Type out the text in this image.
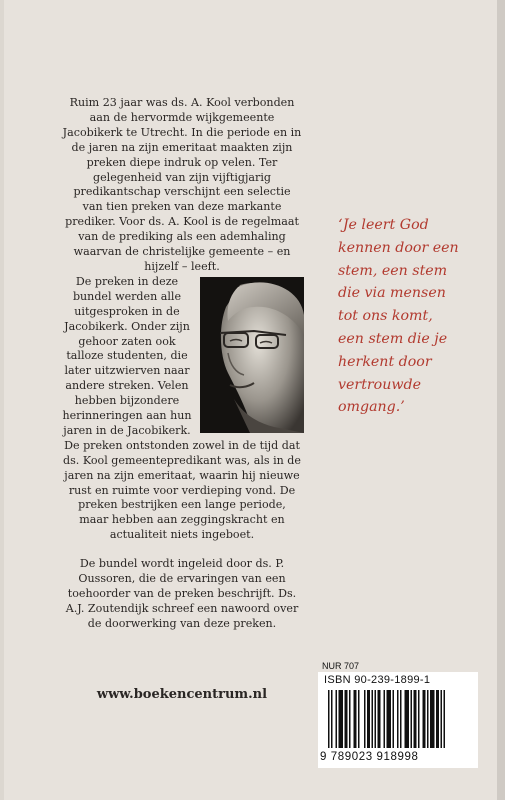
Ruim 23 jaar was ds. A. Kool verbonden aan de hervormde wijkgemeente Jacobikerk te Utrecht. In die periode en in de jaren na zijn emeritaat maakten zijn preken diepe indruk op velen. Ter gelegenheid van zijn vijftigjarig predikantschap verschijnt een selectie van tien preken van deze markante prediker. Voor ds. A. Kool is de regelmaat van de prediking als een ademhaling waarvan de christelijke gemeente – en hijzelf – leeft.

De preken in deze bundel werden alle uitgesproken in de Jacobikerk. Onder zijn gehoor zaten ook talloze studenten, die later uitzwierven naar andere streken. Velen hebben bijzondere herinneringen aan hun jaren in de Jacobikerk. De preken ontstonden zowel in de tijd dat ds. Kool gemeentepredikant was, als in de jaren na zijn emeritaat, waarin hij nieuwe rust en ruimte voor verdieping vond. De preken bestrijken een lange periode, maar hebben aan zeggingskracht en actualiteit niets ingeboet.

De bundel wordt ingeleid door ds. P. Oussoren, die de ervaringen van een toehoorder van de preken beschrijft. Ds. A.J. Zoutendijk schreef een nawoord over de doorwerking van deze preken.

‘Je leert God
kennen door een
stem, een stem
die via mensen
tot ons komt,
een stem die je
herkent door
vertrouwde
omgang.’
www.boekencentrum.nl
NUR 707
ISBN 90-239-1899-1
9 789023 918998
